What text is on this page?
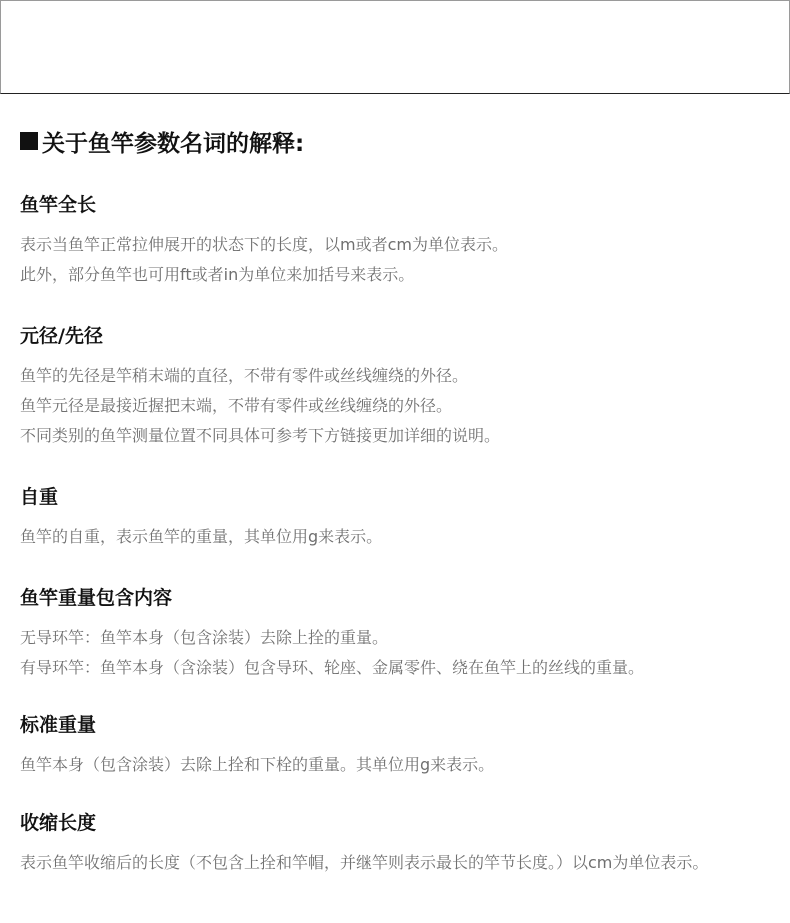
关于鱼竿参数名词的解释:
鱼竿全长
表示当鱼竿正常拉伸展开的状态下的长度，以m或者cm为单位表示。
此外，部分鱼竿也可用ft或者in为单位来加括号来表示。
元径/先径
鱼竿的先径是竿稍末端的直径，不带有零件或丝线缠绕的外径。
鱼竿元径是最接近握把末端，不带有零件或丝线缠绕的外径。
不同类别的鱼竿测量位置不同具体可参考下方链接更加详细的说明。
自重
鱼竿的自重，表示鱼竿的重量，其单位用g来表示。
鱼竿重量包含内容
无导环竿：鱼竿本身（包含涂装）去除上拴的重量。
有导环竿：鱼竿本身（含涂装）包含导环、轮座、金属零件、绕在鱼竿上的丝线的重量。
标准重量
鱼竿本身（包含涂装）去除上拴和下栓的重量。其单位用g来表示。
收缩长度
表示鱼竿收缩后的长度（不包含上拴和竿帽，并继竿则表示最长的竿节长度。）以cm为单位表示。
